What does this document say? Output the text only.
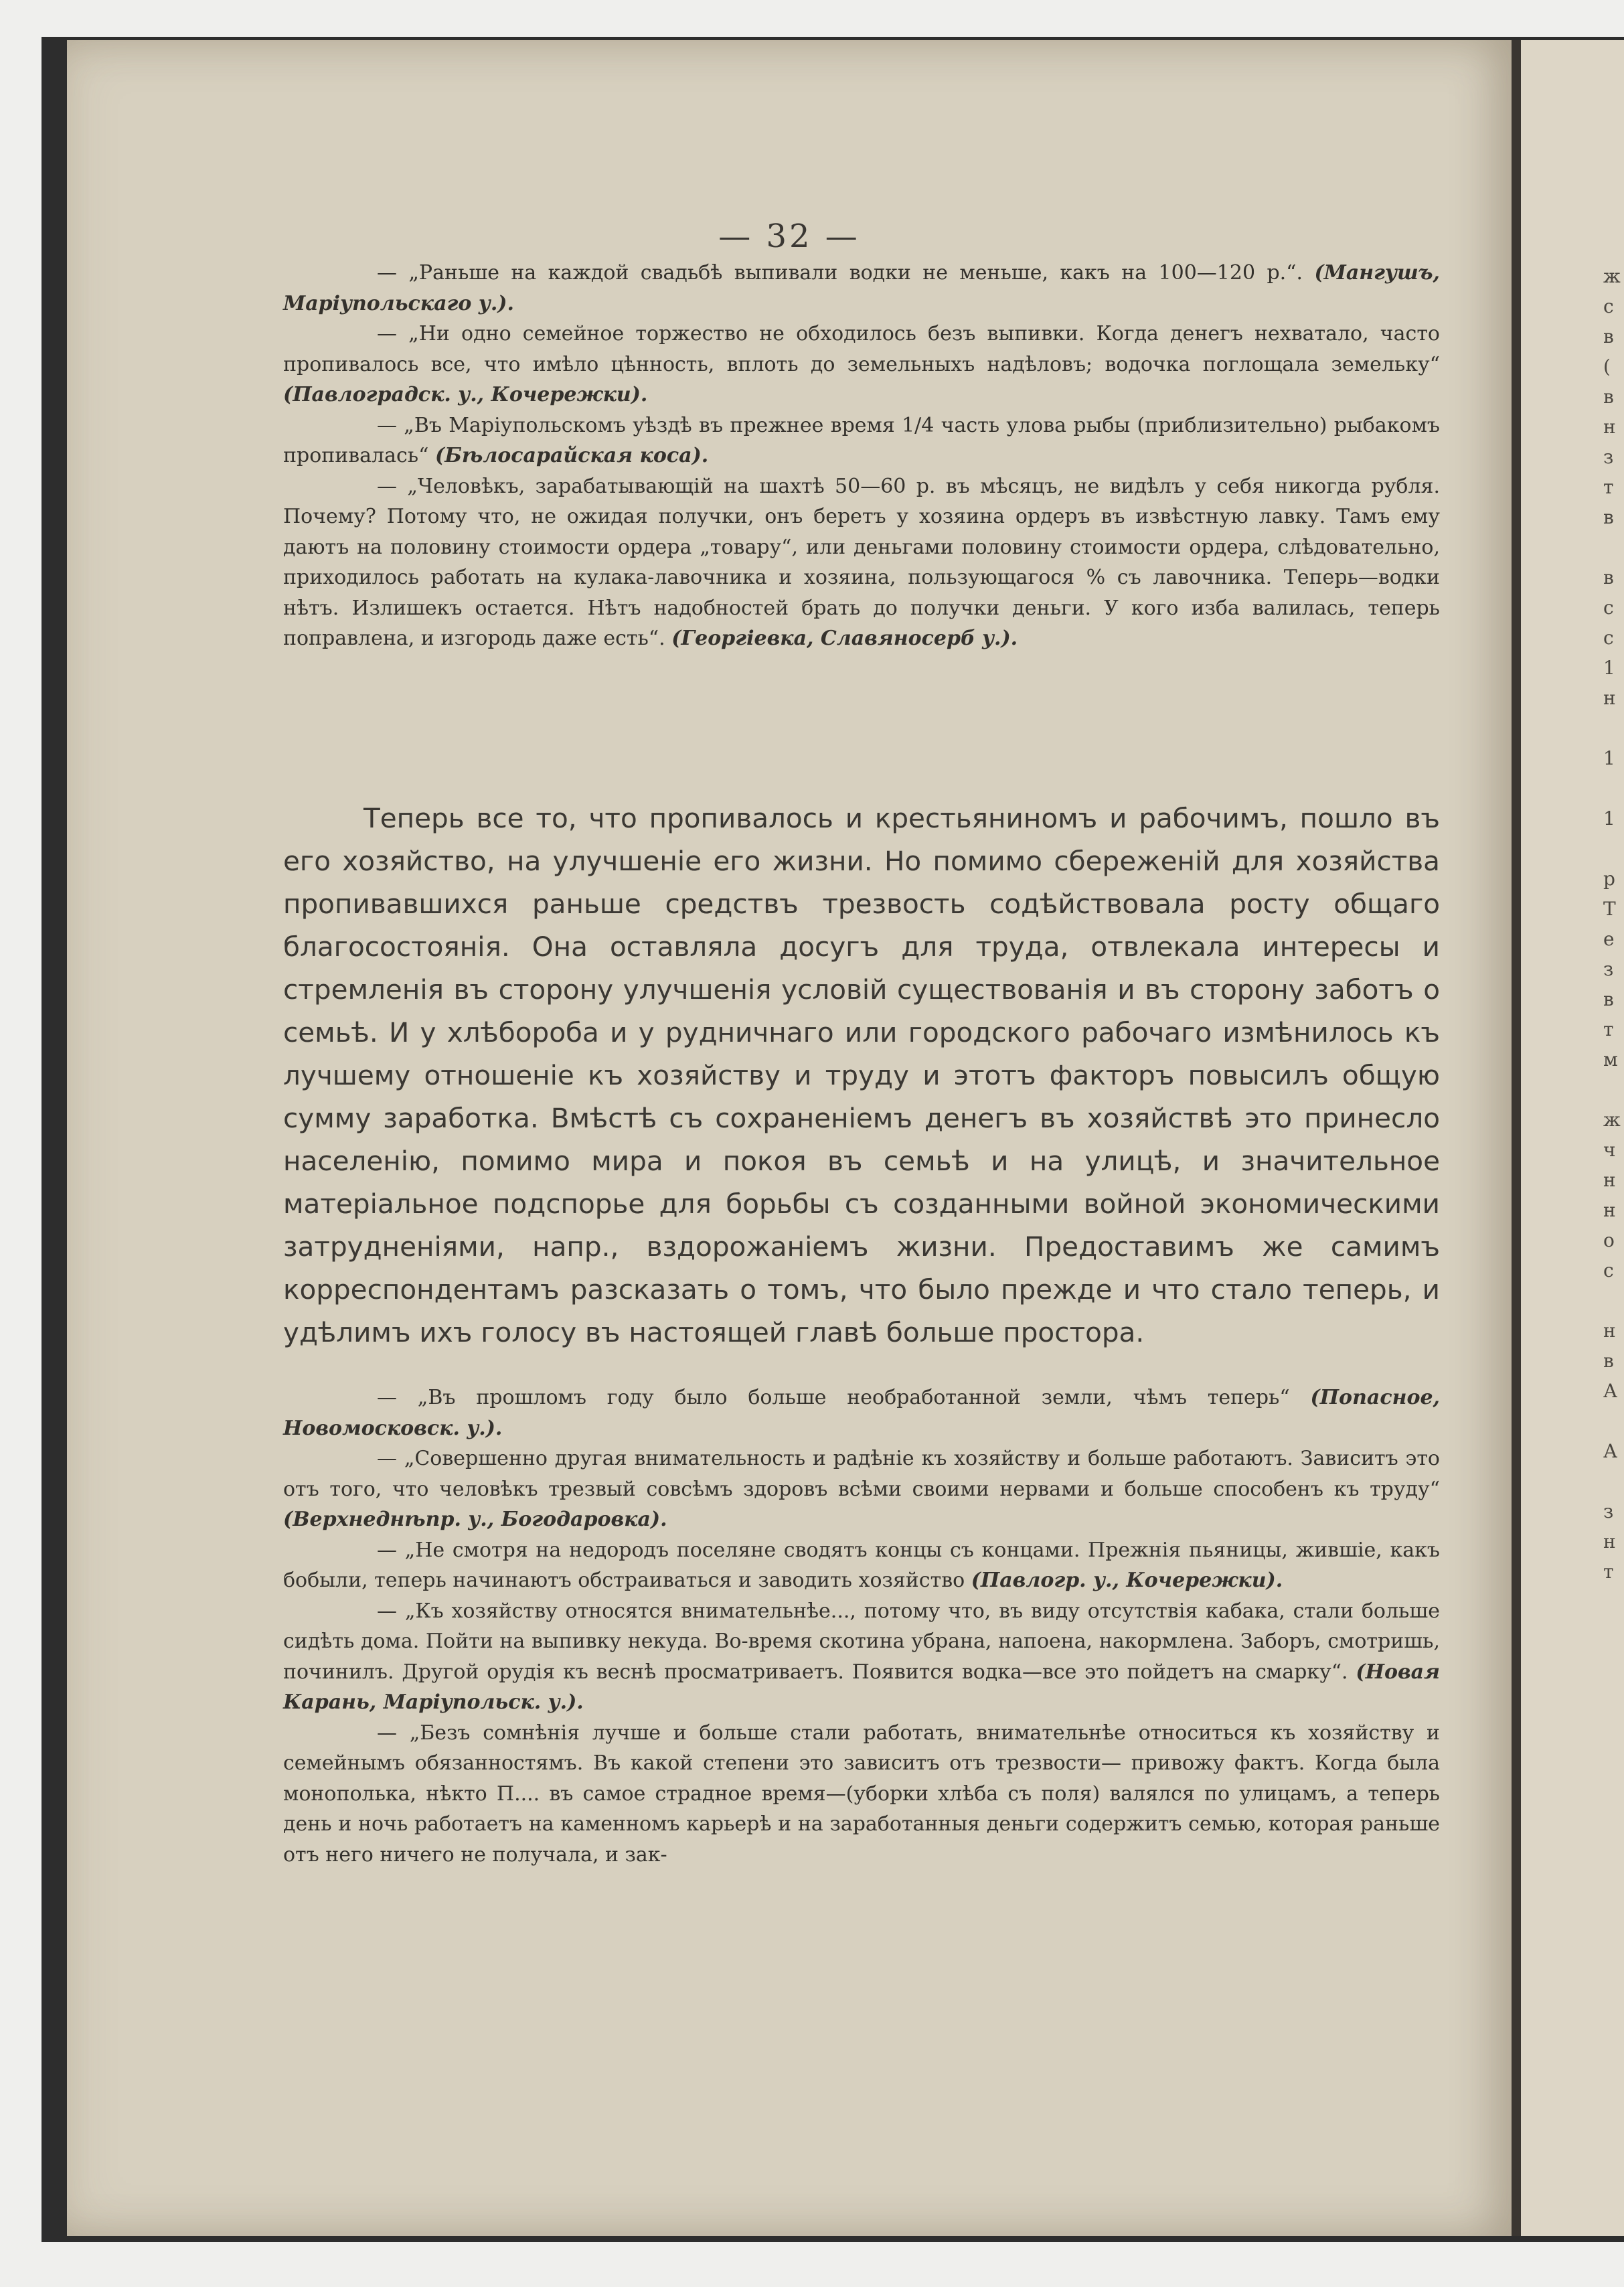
— 32 —

— „Раньше на каждой свадьбѣ выпивали водки не меньше, какъ на 100—120 р.“. (Мангушъ, Маріупольскаго у.).

— „Ни одно семейное торжество не обходилось безъ выпивки. Когда денегъ нехватало, часто пропивалось все, что имѣло цѣнность, вплоть до земельныхъ надѣловъ; водочка поглощала земельку“ (Павлоградск. у., Кочережки).

— „Въ Маріупольскомъ уѣздѣ въ прежнее время 1/4 часть улова рыбы (приблизительно) рыбакомъ пропивалась“ (Бѣлосарайская коса).

— „Человѣкъ, зарабатывающій на шахтѣ 50—60 р. въ мѣсяцъ, не видѣлъ у себя никогда рубля. Почему? Потому что, не ожидая получки, онъ беретъ у хозяина ордеръ въ извѣстную лавку. Тамъ ему даютъ на половину стоимости ордера „товару“, или деньгами половину стоимости ордера, слѣдовательно, приходилось работать на кулака-лавочника и хозяина, пользующагося % съ лавочника. Теперь—водки нѣтъ. Излишекъ остается. Нѣтъ надобностей брать до получки деньги. У кого изба валилась, теперь поправлена, и изгородь даже есть“. (Георгіевка, Славяносерб у.).

Теперь все то, что пропивалось и крестьяниномъ и рабочимъ, пошло въ его хозяйство, на улучшеніе его жизни. Но помимо сбереженій для хозяйства пропивавшихся раньше средствъ трезвость содѣйствовала росту общаго благосостоянія. Она оставляла досугъ для труда, отвлекала интересы и стремленія въ сторону улучшенія условій существованія и въ сторону заботъ о семьѣ. И у хлѣбороба и у рудничнаго или городского рабочаго измѣнилось къ лучшему отношеніе къ хозяйству и труду и этотъ факторъ повысилъ общую сумму заработка. Вмѣстѣ съ сохраненіемъ денегъ въ хозяйствѣ это принесло населенію, помимо мира и покоя въ семьѣ и на улицѣ, и значительное матеріальное подспорье для борьбы съ созданными войной экономическими затрудненіями, напр., вздорожаніемъ жизни. Предоставимъ же самимъ корреспондентамъ разсказать о томъ, что было прежде и что стало теперь, и удѣлимъ ихъ голосу въ настоящей главѣ больше простора.

— „Въ прошломъ году было больше необработанной земли, чѣмъ теперь“ (Попасное, Новомосковск. у.).

— „Совершенно другая внимательность и радѣніе къ хозяйству и больше работаютъ. Зависитъ это отъ того, что человѣкъ трезвый совсѣмъ здоровъ всѣми своими нервами и больше способенъ къ труду“ (Верхнеднѣпр. у., Богодаровка).

— „Не смотря на недородъ поселяне сводятъ концы съ концами. Прежнія пьяницы, жившіе, какъ бобыли, теперь начинаютъ обстраиваться и заводить хозяйство (Павлогр. у., Кочережки).

— „Къ хозяйству относятся внимательнѣе..., потому что, въ виду отсутствія кабака, стали больше сидѣть дома. Пойти на выпивку некуда. Во-время скотина убрана, напоена, накормлена. Заборъ, смотришь, починилъ. Другой орудія къ веснѣ просматриваетъ. Появится водка—все это пойдетъ на смарку“. (Новая Карань, Маріупольск. у.).

— „Безъ сомнѣнія лучше и больше стали работать, внимательнѣе относиться къ хозяйству и семейнымъ обязанностямъ. Въ какой степени это зависитъ отъ трезвости— привожу фактъ. Когда была монополька, нѣкто П.... въ самое страдное время—(уборки хлѣба съ поля) валялся по улицамъ, а теперь день и ночь работаетъ на каменномъ карьерѣ и на заработанныя деньги содержитъ семью, которая раньше отъ него ничего не получала, и зак-

ж
с
в
(
в
н
з
т
в

в
с
с
1
н

1

1

р
Т
е
з
в
т
м

ж
ч
н
н
о
с

н
в
А

А

з
н
т
